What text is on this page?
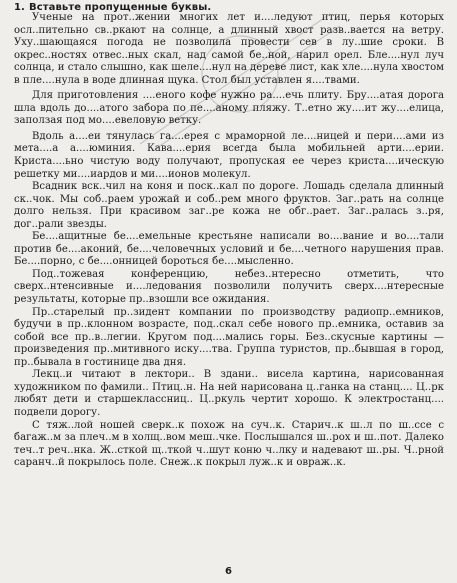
1. Вставьте пропущенные буквы.

Ученые на прот..жении многих лет и....ледуют птиц, перья которых осл..пительно св..ркают на солнце, а длинный хвост разв..вается на ветру. Уху..шающаяся погода не позволила провести сев в лу..шие сроки. В окрес..ностях отвес..ных скал, над самой бе..ной, нарил орел. Бле....нул луч солнца, и стало слышно, как шеле....нул на дереве лист, как хле....нула хвостом в пле....нула в воде длинная щука. Стол был уставлен я....твами.

Для приготовления ....еного кофе нужно ра....ечь плиту. Бру....атая дорога шла вдоль до....атого забора по пе....аному пляжу. Т..етно жу....ит жу....елица, заползая под мо....евеловую ветку.

Вдоль а....еи тянулась га....ерея с мраморной ле....ницей и пери....ами из мета....а а....юминия. Кава....ерия всегда была мобильней арти....ерии. Криста....ьно чистую воду получают, пропуская ее через криста....ическую решетку ми....иардов и ми....ионов молекул.

Всадник вск..чил на коня и поск..кал по дороге. Лошадь сделала длинный ск..чок. Мы соб..раем урожай и соб..рем много фруктов. Заг..рать на солнце долго нельзя. При красивом заг..ре кожа не обг..рает. Заг..ралась з..ря, дог..рали звезды.

Бе....ащитные бе....емельные крестьяне написали во....вание и во....тали против бе....аконий, бе....человечных условий и бе....четного нарушения прав. Бе....порно, с бе....онницей бороться бе....мысленно.

Под..тожевая конференцию, небез..нтересно отметить, что сверх..нтенсивные и....ледования позволили получить сверх....нтересные результаты, которые пр..взошли все ожидания.

Пр..старелый пр..зидент компании по производству радиопр..емников, будучи в пр..клонном возрасте, под..скал себе нового пр..емника, оставив за собой все пр..в..легии. Кругом под....мались горы. Без..скусные картины — произведения пр..митивного иску....тва. Группа туристов, пр..бывшая в город, пр..бывала в гостинице два дня.

Лекц..и читают в лектори.. В здани.. висела картина, нарисованная художником по фамили.. Птиц..н. На ней нарисована ц..ганка на станц.... Ц..рк любят дети и старшеклассниц.. Ц..ркуль чертит хорошо. К электростанц.... подвели дорогу.

С тяж..лой ношей сверк..к похож на суч..к. Старич..к ш..л по ш..ссе с багаж..м за плеч..м в холщ..вом меш..чке. Послышался ш..рох и ш..пот. Далеко теч..т реч..нка. Ж..сткой щ..ткой ч..шут коню ч..лку и надевают ш..ры. Ч..рной саранч..й покрылось поле. Снеж..к покрыл луж..к и овраж..к.

6
